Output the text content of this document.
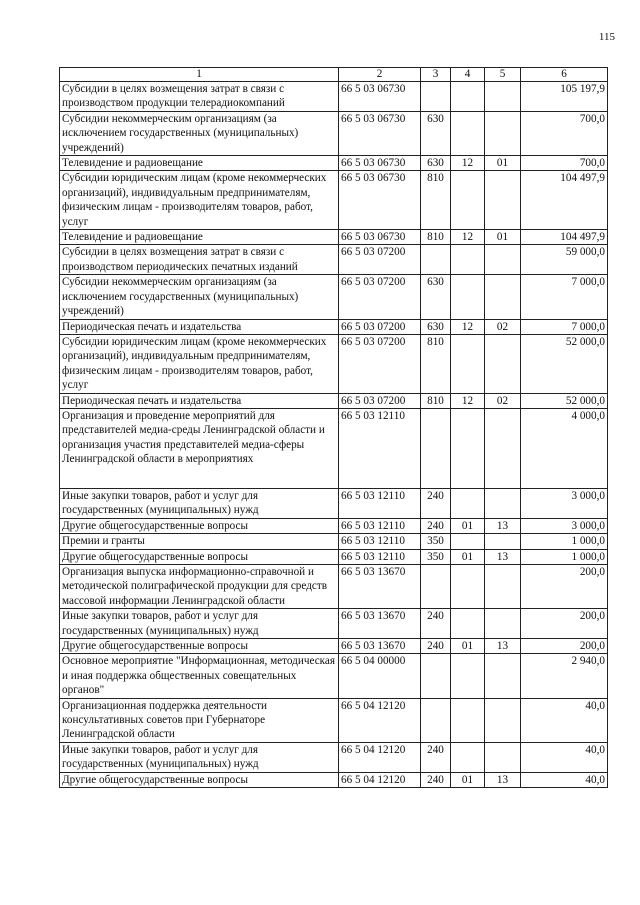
115
1	2	3	4	5	6
Субсидии в целях возмещения затрат в связи с производством продукции телерадиокомпаний	66 5 03 06730				105 197,9
Субсидии некоммерческим организациям (за исключением государственных (муниципальных) учреждений)	66 5 03 06730	630			700,0
Телевидение и радиовещание	66 5 03 06730	630	12	01	700,0
Субсидии юридическим лицам (кроме некоммерческих организаций), индивидуальным предпринимателям, физическим лицам - производителям товаров, работ, услуг	66 5 03 06730	810			104 497,9
Телевидение и радиовещание	66 5 03 06730	810	12	01	104 497,9
Субсидии в целях возмещения затрат в связи с производством периодических печатных изданий	66 5 03 07200				59 000,0
Субсидии некоммерческим организациям (за исключением государственных (муниципальных) учреждений)	66 5 03 07200	630			7 000,0
Периодическая печать и издательства	66 5 03 07200	630	12	02	7 000,0
Субсидии юридическим лицам (кроме некоммерческих организаций), индивидуальным предпринимателям, физическим лицам - производителям товаров, работ, услуг	66 5 03 07200	810			52 000,0
Периодическая печать и издательства	66 5 03 07200	810	12	02	52 000,0
Организация и проведение мероприятий для представителей медиа-среды Ленинградской области и организация участия представителей медиа-сферы Ленинградской области в мероприятиях	66 5 03 12110				4 000,0
Иные закупки товаров, работ и услуг для государственных (муниципальных) нужд	66 5 03 12110	240			3 000,0
Другие общегосударственные вопросы	66 5 03 12110	240	01	13	3 000,0
Премии и гранты	66 5 03 12110	350			1 000,0
Другие общегосударственные вопросы	66 5 03 12110	350	01	13	1 000,0
Организация выпуска информационно-справочной и методической полиграфической продукции для средств массовой информации Ленинградской области	66 5 03 13670				200,0
Иные закупки товаров, работ и услуг для государственных (муниципальных) нужд	66 5 03 13670	240			200,0
Другие общегосударственные вопросы	66 5 03 13670	240	01	13	200,0
Основное мероприятие "Информационная, методическая и иная поддержка общественных совещательных органов"	66 5 04 00000				2 940,0
Организационная поддержка деятельности консультативных советов при Губернаторе Ленинградской области	66 5 04 12120				40,0
Иные закупки товаров, работ и услуг для государственных (муниципальных) нужд	66 5 04 12120	240			40,0
Другие общегосударственные вопросы	66 5 04 12120	240	01	13	40,0
